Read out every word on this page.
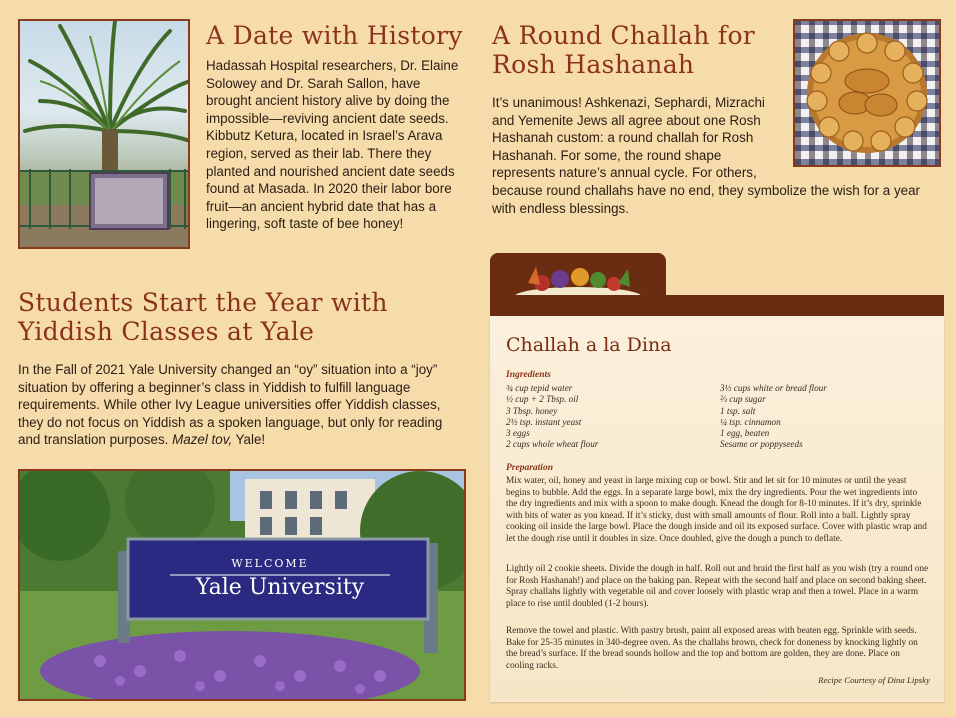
A Date with History
Hadassah Hospital researchers, Dr. Elaine Solowey and Dr. Sarah Sallon, have brought ancient history alive by doing the impossible—reviving ancient date seeds. Kibbutz Ketura, located in Israel’s Arava region, served as their lab. There they planted and nourished ancient date seeds found at Masada. In 2020 their labor bore fruit—an ancient hybrid date that has a lingering, soft taste of bee honey!
A Round Challah for
Rosh Hashanah
It’s unanimous! Ashkenazi, Sephardi, Mizrachi and Yemenite Jews all agree about one Rosh Hashanah custom: a round challah for Rosh Hashanah. For some, the round shape represents nature’s annual cycle. For others, because round challahs have no end, they symbolize the wish for a year with endless blessings.
Students Start the Year with
Yiddish Classes at Yale
In the Fall of 2021 Yale University changed an “oy” situation into a “joy” situation by offering a beginner’s class in Yiddish to fulfill language requirements. While other Ivy League universities offer Yiddish classes, they do not focus on Yiddish as a spoken language, but only for reading and translation purposes. Mazel tov, Yale!
WELCOME
Yale University
Challah a la Dina
Ingredients
¾ cup tepid water
½ cup + 2 Tbsp. oil
3 Tbsp. honey
2½ tsp. instant yeast
3 eggs
2 cups whole wheat flour
3½ cups white or bread flour
⅔ cup sugar
1 tsp. salt
¼ tsp. cinnamon
1 egg, beaten
Sesame or poppyseeds
Preparation

Mix water, oil, honey and yeast in large mixing cup or bowl. Stir and let sit for 10 minutes or until the yeast begins to bubble. Add the eggs. In a separate large bowl, mix the dry ingredients. Pour the wet ingredients into the dry ingredients and mix with a spoon to make dough. Knead the dough for 8-10 minutes. If it’s dry, sprinkle with bits of water as you knead. If it’s sticky, dust with small amounts of flour. Roll into a ball. Lightly spray cooking oil inside the large bowl. Place the dough inside and oil its exposed surface. Cover with plastic wrap and let the dough rise until it doubles in size. Once doubled, give the dough a punch to deflate.

Lightly oil 2 cookie sheets. Divide the dough in half. Roll out and braid the first half as you wish (try a round one for Rosh Hashanah!) and place on the baking pan. Repeat with the second half and place on second baking sheet. Spray challahs lightly with vegetable oil and cover loosely with plastic wrap and then a towel. Place in a warm place to rise until doubled (1-2 hours).

Remove the towel and plastic. With pastry brush, paint all exposed areas with beaten egg. Sprinkle with seeds. Bake for 25-35 minutes in 340-degree oven. As the challahs brown, check for doneness by knocking lightly on the bread’s surface. If the bread sounds hollow and the top and bottom are golden, they are done. Place on cooling racks.

Recipe Courtesy of Dina Lipsky
